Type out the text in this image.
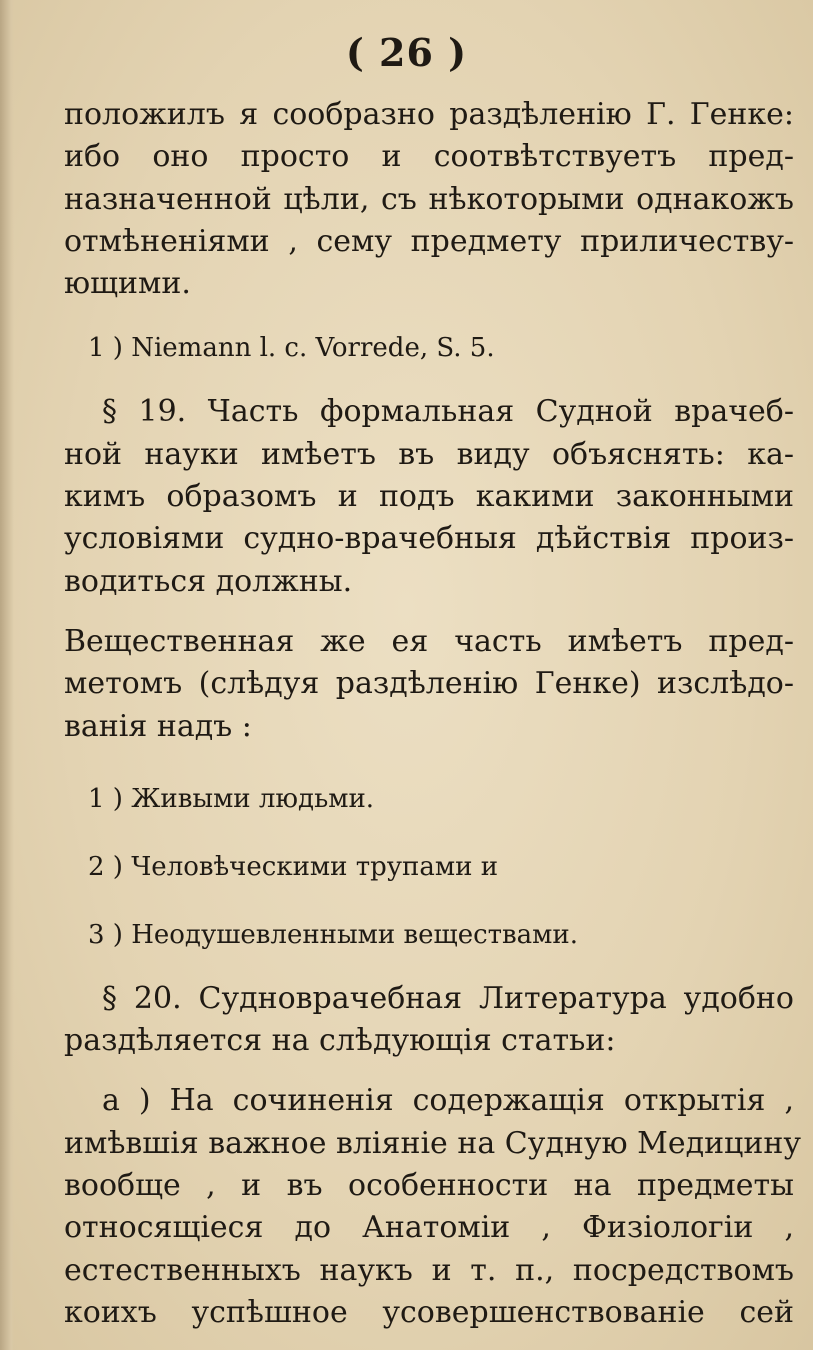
( 26 )
положилъ я сообразно раздѣленію Г. Генке:
ибо оно просто и соотвѣтствуетъ пред-
назначенной цѣли, съ нѣкоторыми однакожъ
отмѣненіями , сему предмету приличеству-
ющими.
1 ) Niemann l. c. Vorrede, S. 5.
§ 19. Часть формальная Судной врачеб-
ной науки имѣетъ въ виду объяснять: ка-
кимъ образомъ и подъ какими законными
условіями судно-врачебныя дѣйствія произ-
водиться должны.
Вещественная же ея часть имѣетъ пред-
метомъ (слѣдуя раздѣленію Генке) изслѣдо-
ванія надъ :
1 ) Живыми людьми.
2 ) Человѣческими трупами и
3 ) Неодушевленными веществами.
§ 20. Судноврачебная Литература удобно
раздѣляется на слѣдующія статьи:
a ) На сочиненія содержащія открытія ,
имѣвшія важное вліяніе на Судную Медицину
вообще , и въ особенности на предметы
относящіеся до Анатоміи , Физіологіи ,
естественныхъ наукъ и т. п., посредствомъ
коихъ успѣшное усовершенствованіе сей
